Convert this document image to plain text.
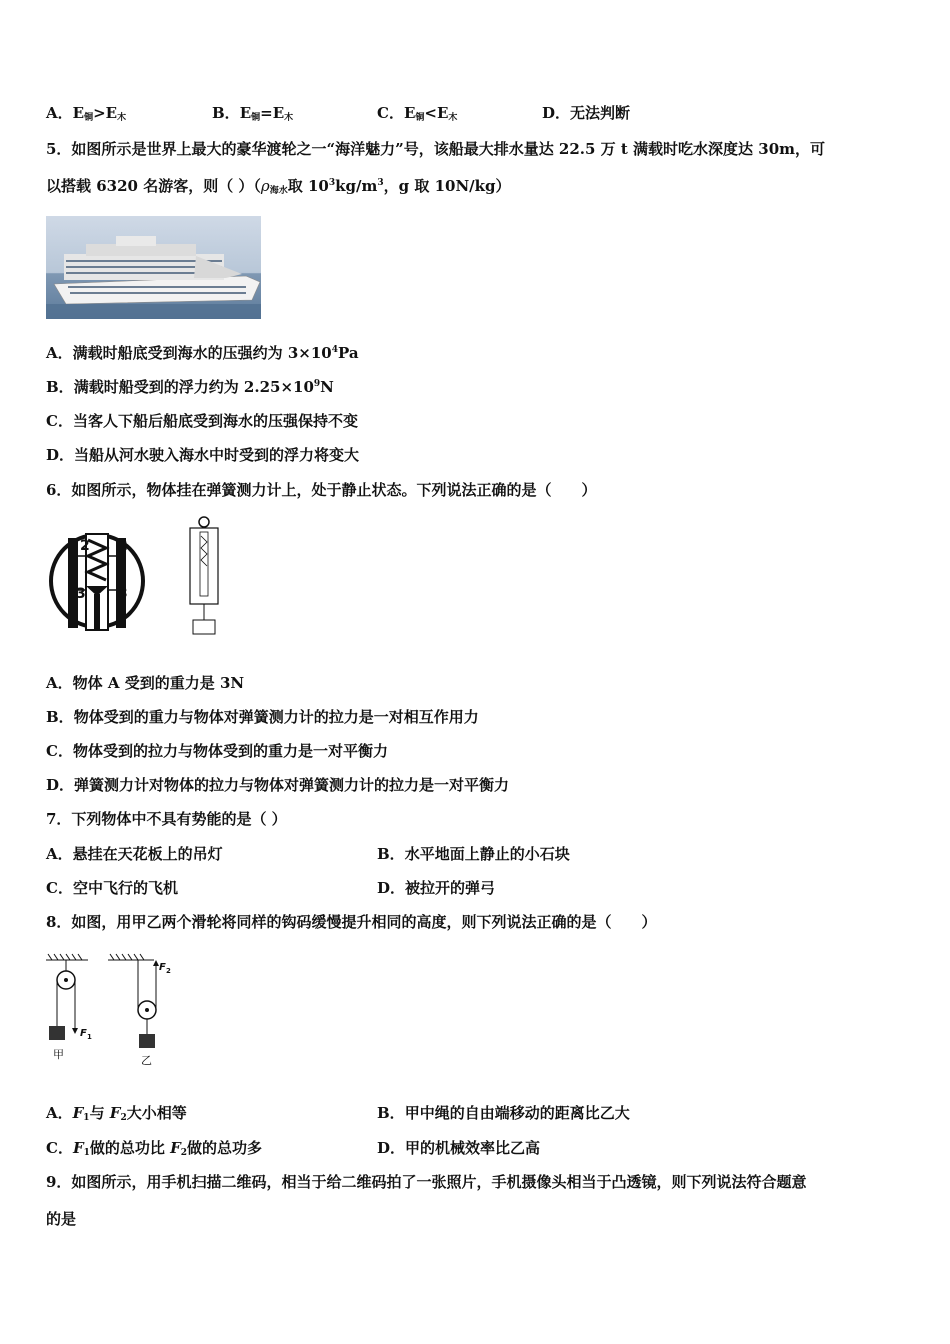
A．$E_铜>E_木$	B．$E_铜=E_木$	C．$E_铜<E_木$	D．无法判断
5．如图所示是世界上最大的豪华渡轮之一“海洋魅力”号，该船最大排水量达 22.5 万 t 满载时吃水深度达 30m，可
以搭载 6320 名游客，则（ ）（$\rho_{海水}$取 $10^3kg/m^3$，g 取 10N/kg）
A．满载时船底受到海水的压强约为 $3\times 10^4Pa$
B．满载时船受到的浮力约为 $2.25\times 10^9N$
C．当客人下船后船底受到海水的压强保持不变
D．当船从河水驶入海水中时受到的浮力将变大
6．如图所示，物体挂在弹簧测力计上，处于静止状态。下列说法正确的是（　　）
2 2
3 3
A．物体 A 受到的重力是 3N
B．物体受到的重力与物体对弹簧测力计的拉力是一对相互作用力
C．物体受到的拉力与物体受到的重力是一对平衡力
D．弹簧测力计对物体的拉力与物体对弹簧测力计的拉力是一对平衡力
7．下列物体中不具有势能的是（ ）
A．悬挂在天花板上的吊灯	B．水平地面上静止的小石块
C．空中飞行的飞机	D．被拉开的弹弓
8．如图，用甲乙两个滑轮将同样的钩码缓慢提升相同的高度，则下列说法正确的是（　　）
F 1
甲
F 2
乙
A．$F_1$与 $F_2$大小相等	B．甲中绳的自由端移动的距离比乙大
C．$F_1$做的总功比 $F_2$做的总功多	D．甲的机械效率比乙高
9．如图所示，用手机扫描二维码，相当于给二维码拍了一张照片，手机摄像头相当于凸透镜，则下列说法符合题意
的是
